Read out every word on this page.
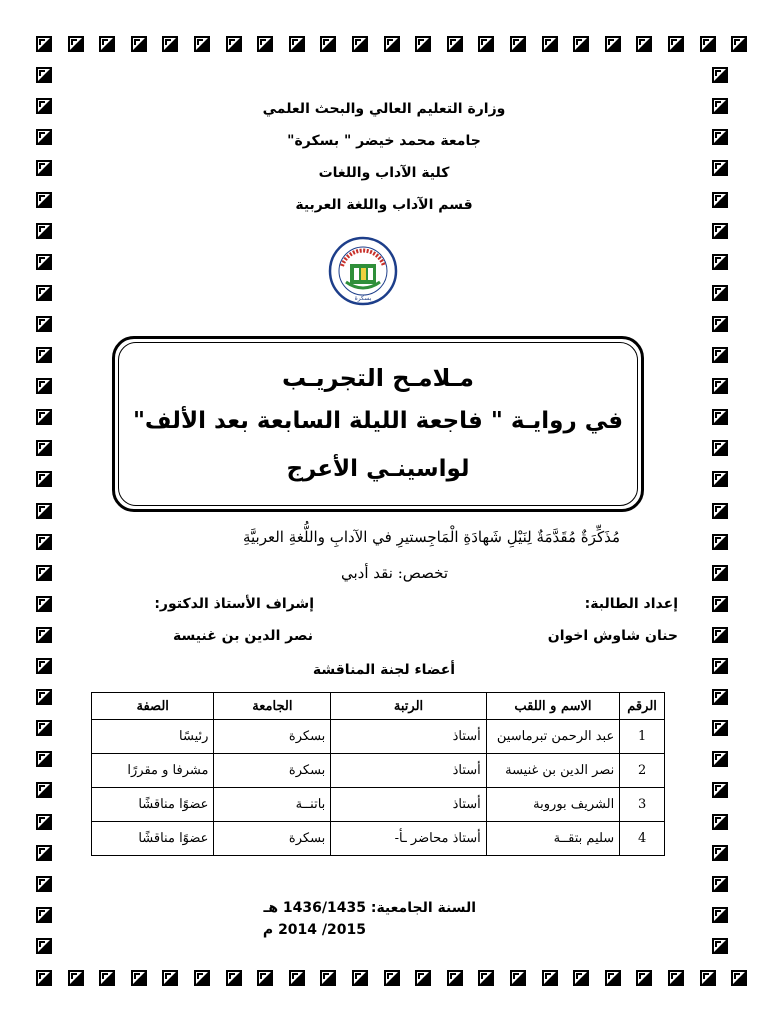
وزارة التعليم العالي والبحث العلمي
جامعة محمد خيضر " بسكرة"
كلية الآداب واللغات
قسم الآداب واللغة العربية
بسكرة
مـلامـح التجريـب
في روايـة " فاجعة الليلة السابعة بعد الألف"
لواسينـي الأعرج
مُذَكِّرَةٌ مُقَدَّمَةٌ لِنَيْلِ شَهادَةِ الْمَاجِستيرِ في الآدابِ واللُّغةِ العربيَّةِ
تخصص: نقد أدبي
إعداد الطالبة:
حنان شاوش اخوان
إشراف الأستاذ الدكتور:
نصر الدين بن غنيسة
أعضاء لجنة المناقشة
الرقم	الاسم و اللقب	الرتبة	الجامعة	الصفة
1	عبد الرحمن تبرماسين	أستاذ	بسكرة	رئيسًا
2	نصر الدين بن غنيسة	أستاذ	بسكرة	مشرفا و مقررًا
3	الشريف بوروبة	أستاذ	باتنــة	عضوًا مناقشًا
4	سليم بتقــة	أستاذ محاضر ـأ-	بسكرة	عضوًا مناقشًا
السنة الجامعية: 1436/1435 هـ
2015/ 2014 م
